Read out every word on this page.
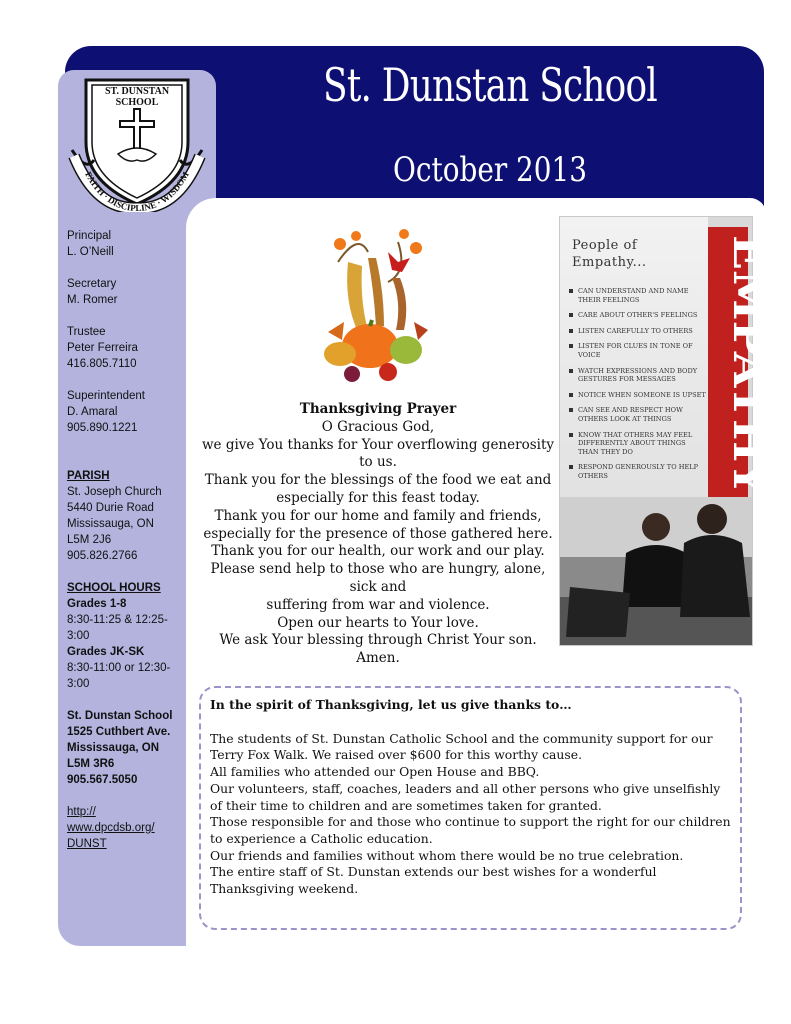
St. Dunstan School
October 2013
ST. DUNSTAN
SCHOOL
FAITH · DISCIPLINE · WISDOM
Principal
L. O’Neill
Secretary
M. Romer
Trustee
Peter Ferreira
416.805.7110
Superintendent
D. Amaral
905.890.1221
PARISH
St. Joseph Church
5440 Durie Road
Mississauga, ON
L5M 2J6
905.826.2766
SCHOOL HOURS
Grades 1-8
8:30-11:25 & 12:25-3:00
Grades JK-SK
8:30-11:00 or 12:30-3:00
St. Dunstan School
1525 Cuthbert Ave.
Mississauga, ON
L5M 3R6
905.567.5050
http://
www.dpcdsb.org/
DUNST
People of
Empathy...
CAN UNDERSTAND AND NAME THEIR FEELINGS
CARE ABOUT OTHER'S FEELINGS
LISTEN CAREFULLY TO OTHERS
LISTEN FOR CLUES IN TONE OF VOICE
WATCH EXPRESSIONS AND BODY GESTURES FOR MESSAGES
NOTICE WHEN SOMEONE IS UPSET
CAN SEE AND RESPECT HOW OTHERS LOOK AT THINGS
KNOW THAT OTHERS MAY FEEL DIFFERENTLY ABOUT THINGS THAN THEY DO
RESPOND GENEROUSLY TO HELP OTHERS
EMPATHY
Thanksgiving Prayer
O Gracious God,
we give You thanks for Your overflowing generosity to us.
Thank you for the blessings of the food we eat and especially for this feast today.
Thank you for our home and family and friends, especially for the presence of those gathered here.
Thank you for our health, our work and our play.
Please send help to those who are hungry, alone, sick and
suffering from war and violence.
Open our hearts to Your love.
We ask Your blessing through Christ Your son.
Amen.
In the spirit of Thanksgiving, let us give thanks to…

The students of St. Dunstan Catholic School and the community support for our Terry Fox Walk. We raised over $600 for this worthy cause.

All families who attended our Open House and BBQ.

Our volunteers, staff, coaches, leaders and all other persons who give unselfishly of their time to children and are sometimes taken for granted.

Those responsible for and those who continue to support the right for our children to experience a Catholic education.

Our friends and families without whom there would be no true celebration.

The entire staff of St. Dunstan extends our best wishes for a wonderful Thanksgiving weekend.
